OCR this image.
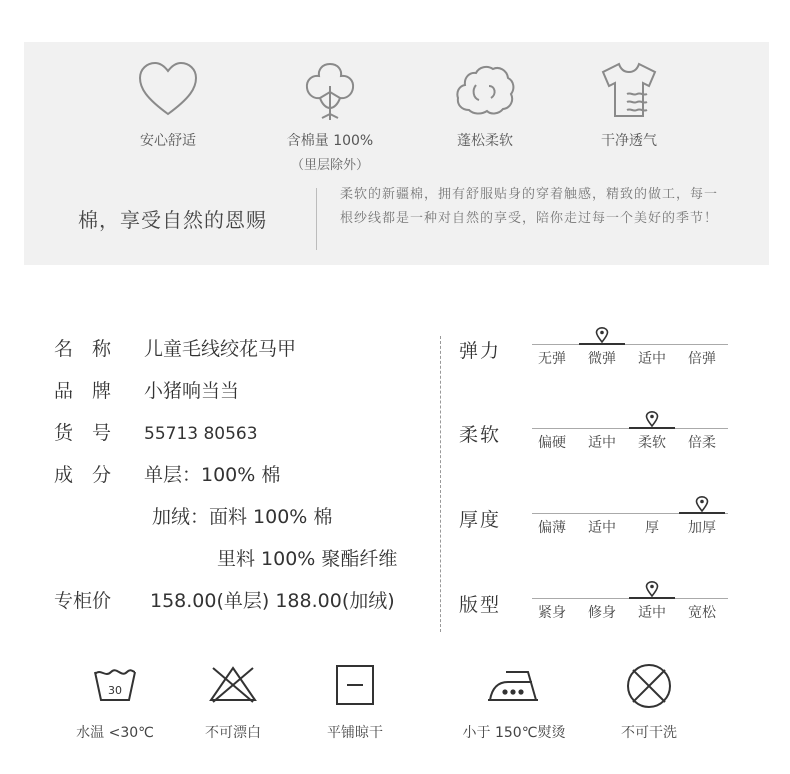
安心舒适	含棉量 100%
（里层除外）
蓬松柔软	干净透气
棉，享受自然的恩赐
柔软的新疆棉，拥有舒服贴身的穿着触感，精致的做工，每一根纱线都是一种对自然的享受，陪你走过每一个美好的季节！
名　称 儿童毛线绞花马甲
品　牌 小猪响当当
货　号 55713 80563
成　分 单层：100% 棉
加绒：面料 100% 棉
里料 100% 聚酯纤维
专柜价 158.00(单层) 188.00(加绒)
弹力	无弹	微弹	适中	倍弹
柔软	偏硬	适中	柔软	倍柔
厚度	偏薄	适中	厚	加厚
版型	紧身	修身	适中	宽松
30
水温 <30℃	不可漂白	平铺晾干	小于 150℃熨烫	不可干洗
